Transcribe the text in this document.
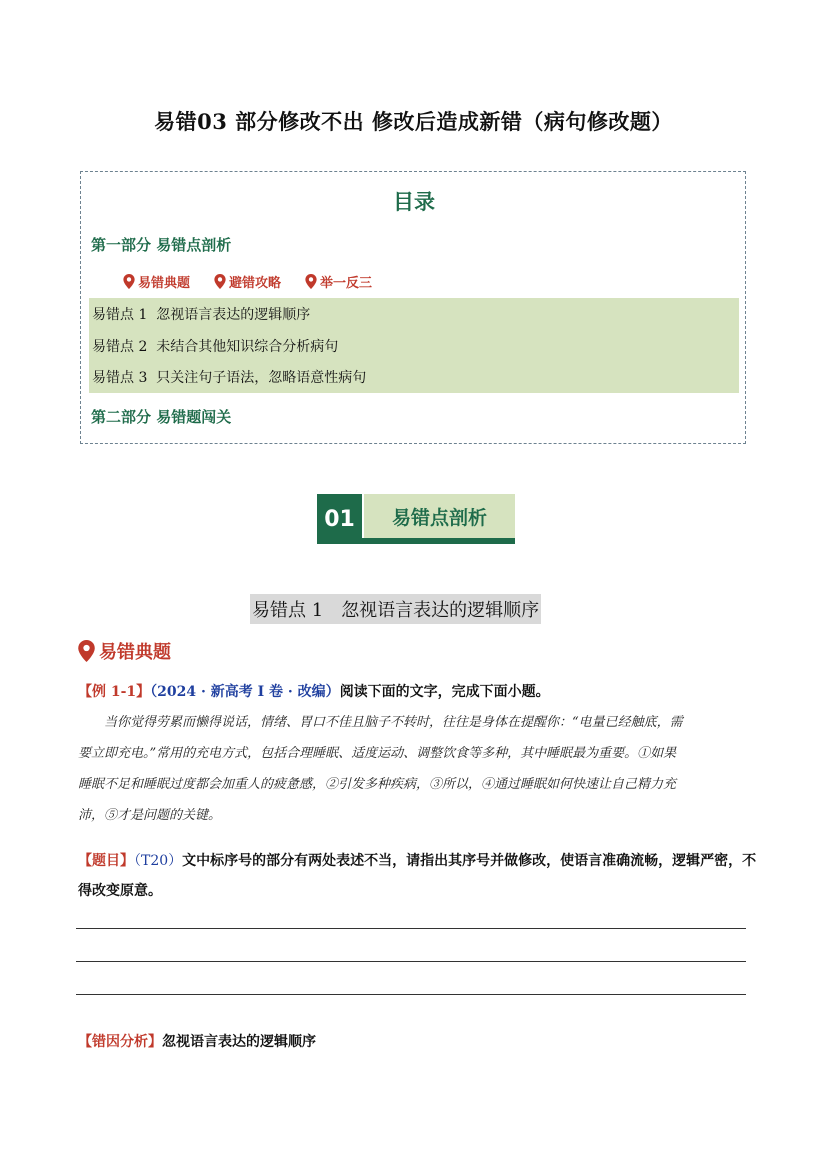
易错03 部分修改不出 修改后造成新错（病句修改题）
目录
第一部分 易错点剖析
易错典题	避错攻略	举一反三
易错点 1 忽视语言表达的逻辑顺序
易错点 2 未结合其他知识综合分析病句
易错点 3 只关注句子语法，忽略语意性病句
第二部分 易错题闯关
01	易错点剖析
易错点 1 忽视语言表达的逻辑顺序
易错典题
【例 1-1】（2024 · 新高考 I 卷 · 改编）阅读下面的文字，完成下面小题。
当你觉得劳累而懒得说话，情绪、胃口不佳且脑子不转时，往往是身体在提醒你：“电量已经触底，需
要立即充电。”常用的充电方式，包括合理睡眠、适度运动、调整饮食等多种，其中睡眠最为重要。①如果
睡眠不足和睡眠过度都会加重人的疲惫感，②引发多种疾病，③所以，④通过睡眠如何快速让自己精力充
沛，⑤才是问题的关键。
【题目】（T20）文中标序号的部分有两处表述不当，请指出其序号并做修改，使语言准确流畅，逻辑严密，不得改变原意。
【错因分析】忽视语言表达的逻辑顺序
